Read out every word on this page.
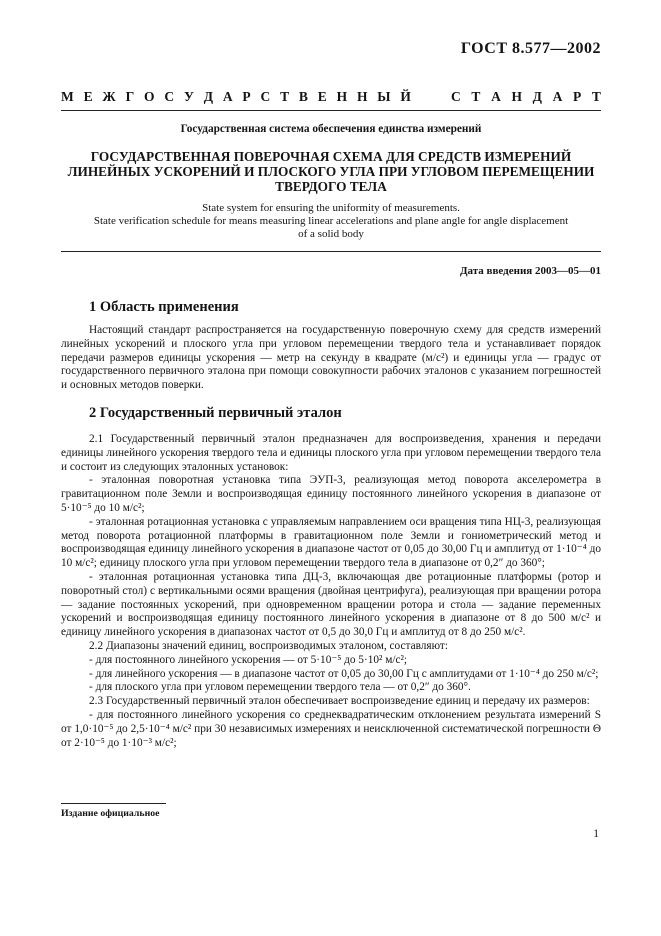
ГОСТ 8.577—2002
М Е Ж Г О С У Д А Р С Т В Е Н Н Ы Й	С Т А Н Д А Р Т
Государственная система обеспечения единства измерений
ГОСУДАРСТВЕННАЯ ПОВЕРОЧНАЯ СХЕМА ДЛЯ СРЕДСТВ ИЗМЕРЕНИЙ
ЛИНЕЙНЫХ УСКОРЕНИЙ И ПЛОСКОГО УГЛА ПРИ УГЛОВОМ ПЕРЕМЕЩЕНИИ
ТВЕРДОГО ТЕЛА
State system for ensuring the uniformity of measurements.
State verification schedule for means measuring linear accelerations and plane angle for angle displacement
of a solid body
Дата введения 2003—05—01
1 Область применения

Настоящий стандарт распространяется на государственную поверочную схему для средств измерений линейных ускорений и плоского угла при угловом перемещении твердого тела и устанавливает порядок передачи размеров единицы ускорения — метр на секунду в квадрате (м/с²) и единицы угла — градус от государственного первичного эталона при помощи совокупности рабочих эталонов с указанием погрешностей и основных методов поверки.

2 Государственный первичный эталон

2.1 Государственный первичный эталон предназначен для воспроизведения, хранения и передачи единицы линейного ускорения твердого тела и единицы плоского угла при угловом перемещении твердого тела и состоит из следующих эталонных установок:

- эталонная поворотная установка типа ЭУП-3, реализующая метод поворота акселерометра в гравитационном поле Земли и воспроизводящая единицу постоянного линейного ускорения в диапазоне от 5·10⁻⁵ до 10 м/с²;

- эталонная ротационная установка с управляемым направлением оси вращения типа НЦ-3, реализующая метод поворота ротационной платформы в гравитационном поле Земли и гониометрический метод и воспроизводящая единицу линейного ускорения в диапазоне частот от 0,05 до 30,00 Гц и амплитуд от 1·10⁻⁴ до 10 м/с²; единицу плоского угла при угловом перемещении твердого тела в диапазоне от 0,2″ до 360°;

- эталонная ротационная установка типа ДЦ-3, включающая две ротационные платформы (ротор и поворотный стол) с вертикальными осями вращения (двойная центрифуга), реализующая при вращении ротора — задание постоянных ускорений, при одновременном вращении ротора и стола — задание переменных ускорений и воспроизводящая единицу постоянного линейного ускорения в диапазоне от 8 до 500 м/с² и единицу линейного ускорения в диапазонах частот от 0,5 до 30,0 Гц и амплитуд от 8 до 250 м/с².

2.2 Диапазоны значений единиц, воспроизводимых эталоном, составляют:

- для постоянного линейного ускорения — от 5·10⁻⁵ до 5·10² м/с²;

- для линейного ускорения — в диапазоне частот от 0,05 до 30,00 Гц с амплитудами от 1·10⁻⁴ до 250 м/с²;

- для плоского угла при угловом перемещении твердого тела — от 0,2″ до 360°.

2.3 Государственный первичный эталон обеспечивает воспроизведение единиц и передачу их размеров:

- для постоянного линейного ускорения со среднеквадратическим отклонением результата измерений S от 1,0·10⁻⁵ до 2,5·10⁻⁴ м/с² при 30 независимых измерениях и неисключенной систематической погрешности Θ от 2·10⁻⁵ до 1·10⁻³ м/с²;

Издание официальное
1
